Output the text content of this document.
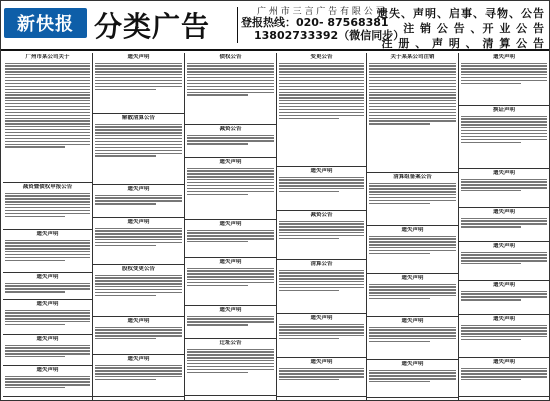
新快报 分类广告	广 州 市 三 言 广 告 有 限 公 司
登报热线：020- 87568381
13802733392（微信同步）
遗失、声明、启事、寻物、公告
注 销 公 告 、开 业 公 告
注 册 、 声 明 、 清 算 公 告
广州市某公司关于
减资暨债权申报公告
遗失声明
遗失声明
遗失声明
遗失声明
遗失声明
遗失声明
解散清算公告
遗失声明
遗失声明
股权变更公告
遗失声明
遗失声明
债权公告
减资公告
遗失声明
遗失声明
遗失声明
遗失声明
迁址公告
变更公告
遗失声明
减资公告
清算公告
遗失声明
遗失声明
关于某某公司注销
清算组备案公告
遗失声明
遗失声明
遗失声明
遗失声明
遗失声明
换证声明
遗失声明
遗失声明
遗失声明
遗失声明
遗失声明
遗失声明
